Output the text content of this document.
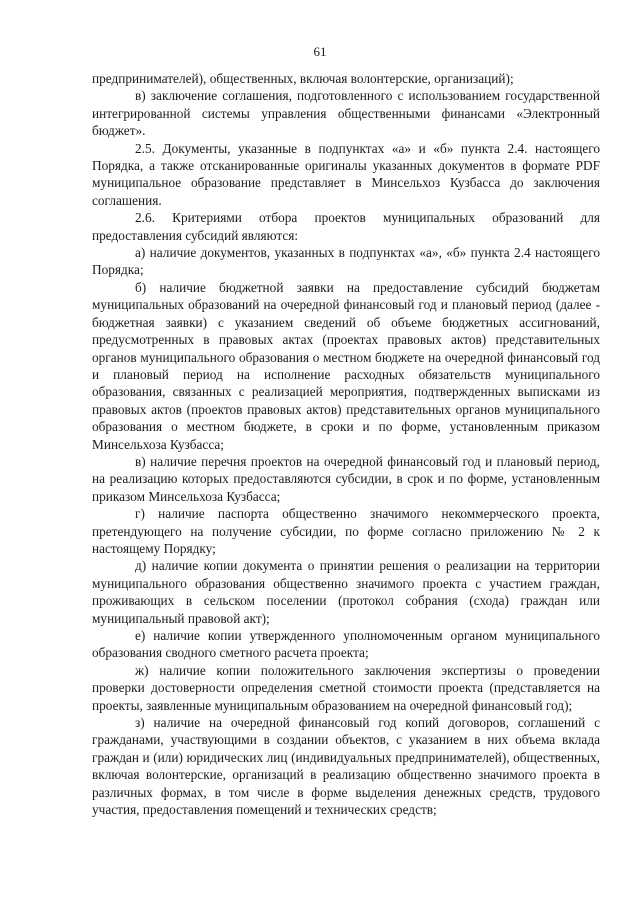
61

предпринимателей), общественных, включая волонтерские, организаций);

в) заключение соглашения, подготовленного с использованием государственной интегрированной системы управления общественными финансами «Электронный бюджет».

2.5. Документы, указанные в подпунктах «а» и «б» пункта 2.4. настоящего Порядка, а также отсканированные оригиналы указанных документов в формате PDF муниципальное образование представляет в Минсельхоз Кузбасса до заключения соглашения.

2.6. Критериями отбора проектов муниципальных образований для предоставления субсидий являются:

а) наличие документов, указанных в подпунктах «а», «б» пункта 2.4 настоящего Порядка;

б) наличие бюджетной заявки на предоставление субсидий бюджетам муниципальных образований на очередной финансовый год и плановый период (далее - бюджетная заявки) с указанием сведений об объеме бюджетных ассигнований, предусмотренных в правовых актах (проектах правовых актов) представительных органов муниципального образования о местном бюджете на очередной финансовый год и плановый период на исполнение расходных обязательств муниципального образования, связанных с реализацией мероприятия, подтвержденных выписками из правовых актов (проектов правовых актов) представительных органов муниципального образования о местном бюджете, в сроки и по форме, установленным приказом Минсельхоза Кузбасса;

в) наличие перечня проектов на очередной финансовый год и плановый период, на реализацию которых предоставляются субсидии, в срок и по форме, установленным приказом Минсельхоза Кузбасса;

г) наличие паспорта общественно значимого некоммерческого проекта, претендующего на получение субсидии, по форме согласно приложению № 2 к настоящему Порядку;

д) наличие копии документа о принятии решения о реализации на территории муниципального образования общественно значимого проекта с участием граждан, проживающих в сельском поселении (протокол собрания (схода) граждан или муниципальный правовой акт);

е) наличие копии утвержденного уполномоченным органом муниципального образования сводного сметного расчета проекта;

ж) наличие копии положительного заключения экспертизы о проведении проверки достоверности определения сметной стоимости проекта (представляется на проекты, заявленные муниципальным образованием на очередной финансовый год);

з) наличие на очередной финансовый год копий договоров, соглашений с гражданами, участвующими в создании объектов, с указанием в них объема вклада граждан и (или) юридических лиц (индивидуальных предпринимателей), общественных, включая волонтерские, организаций в реализацию общественно значимого проекта в различных формах, в том числе в форме выделения денежных средств, трудового участия, предоставления помещений и технических средств;
